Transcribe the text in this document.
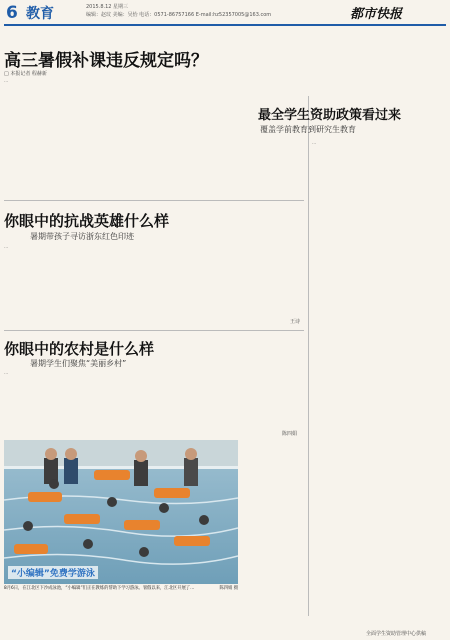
6 教育	2015.8.12 星期三
编辑：赵玟 美编：吴怡 电话：0571-86757166 E-mail:hz52357005@163.com	都市快报
高三暑假补课违反规定吗？
□ 本报记者 程赫新
…
你眼中的抗战英雄什么样
暑期带孩子寻访浙东红色印迹
…
王诗
你眼中的农村是什么样
暑期学生们聚焦“美丽乡村”
…
陈四娟
“小编辑”免费学游泳
8月6日，在江北区下沙成泳池，“小编辑”们正在教练的帮助下学习游泳。暑假以来，江北区开展了…	陈四娟 摄
最全学生资助政策看过来
覆盖学前教育到研究生教育
…
全面学生资助管理中心供稿
